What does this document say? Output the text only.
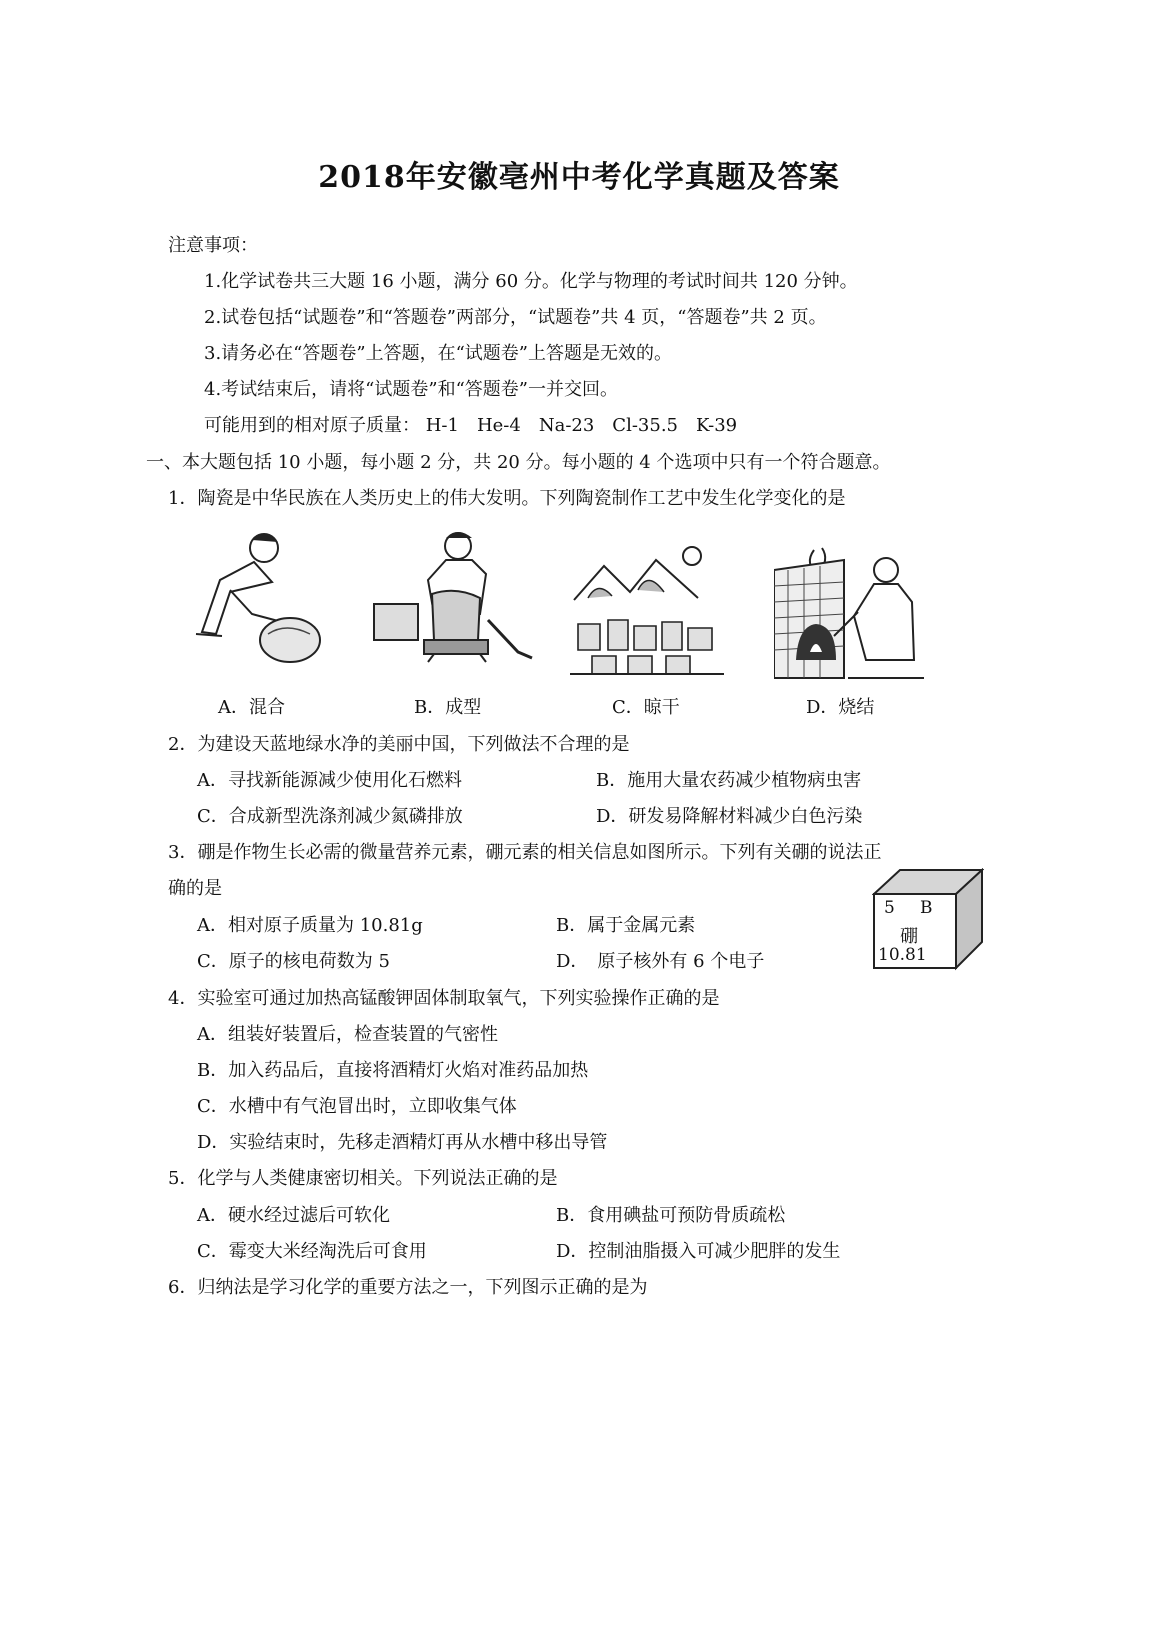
2018年安徽亳州中考化学真题及答案
注意事项：
1.化学试卷共三大题 16 小题，满分 60 分。化学与物理的考试时间共 120 分钟。
2.试卷包括“试题卷”和“答题卷”两部分，“试题卷”共 4 页，“答题卷”共 2 页。
3.请务必在“答题卷”上答题，在“试题卷”上答题是无效的。
4.考试结束后，请将“试题卷”和“答题卷”一并交回。
可能用到的相对原子质量： H-1　He-4　Na-23　Cl-35.5　K-39
一、本大题包括 10 小题，每小题 2 分，共 20 分。每小题的 4 个选项中只有一个符合题意。
1．陶瓷是中华民族在人类历史上的伟大发明。下列陶瓷制作工艺中发生化学变化的是
A．混合	B．成型	C．晾干	D．烧结
2．为建设天蓝地绿水净的美丽中国，下列做法不合理的是
A．寻找新能源减少使用化石燃料	B．施用大量农药减少植物病虫害
C．合成新型洗涤剂减少氮磷排放	D．研发易降解材料减少白色污染
3．硼是作物生长必需的微量营养元素，硼元素的相关信息如图所示。下列有关硼的说法正
确的是
A．相对原子质量为 10.81g	B．属于金属元素
C．原子的核电荷数为 5	D．　原子核外有 6 个电子
5 B
硼
10.81
4．实验室可通过加热高锰酸钾固体制取氧气，下列实验操作正确的是
A．组装好装置后，检查装置的气密性
B．加入药品后，直接将酒精灯火焰对准药品加热
C．水槽中有气泡冒出时，立即收集气体
D．实验结束时，先移走酒精灯再从水槽中移出导管
5．化学与人类健康密切相关。下列说法正确的是
A．硬水经过滤后可软化	B．食用碘盐可预防骨质疏松
C．霉变大米经淘洗后可食用	D．控制油脂摄入可减少肥胖的发生
6．归纳法是学习化学的重要方法之一，下列图示正确的是为
